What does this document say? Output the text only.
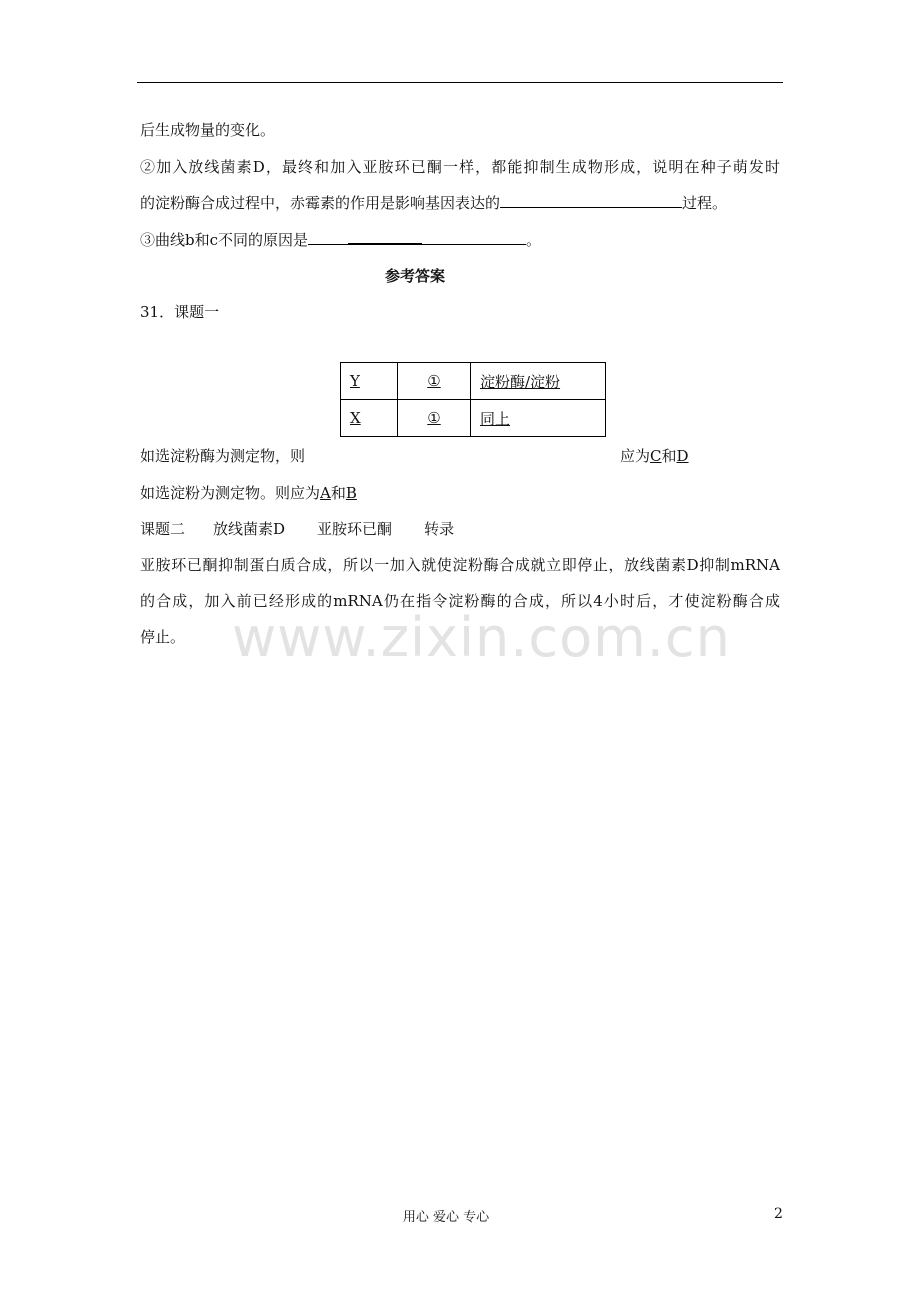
后生成物量的变化。
②加入放线菌素D，最终和加入亚胺环已酮一样，都能抑制生成物形成，说明在种子萌发时
的淀粉酶合成过程中，赤霉素的作用是影响基因表达的	过程。
③曲线b和c不同的原因是	。
参考答案
31．课题一
Y	①	淀粉酶/淀粉
X	①	同上
如选淀粉酶为测定物，则	应为C和D
如选淀粉为测定物。则应为A和B
课题二 放线菌素D 亚胺环已酮 转录
亚胺环已酮抑制蛋白质合成，所以一加入就使淀粉酶合成就立即停止，放线菌素D抑制mRNA
的合成，加入前已经形成的mRNA仍在指令淀粉酶的合成，所以4小时后，才使淀粉酶合成
停止。 www.zixin.com.cn
用心 爱心 专心	2
